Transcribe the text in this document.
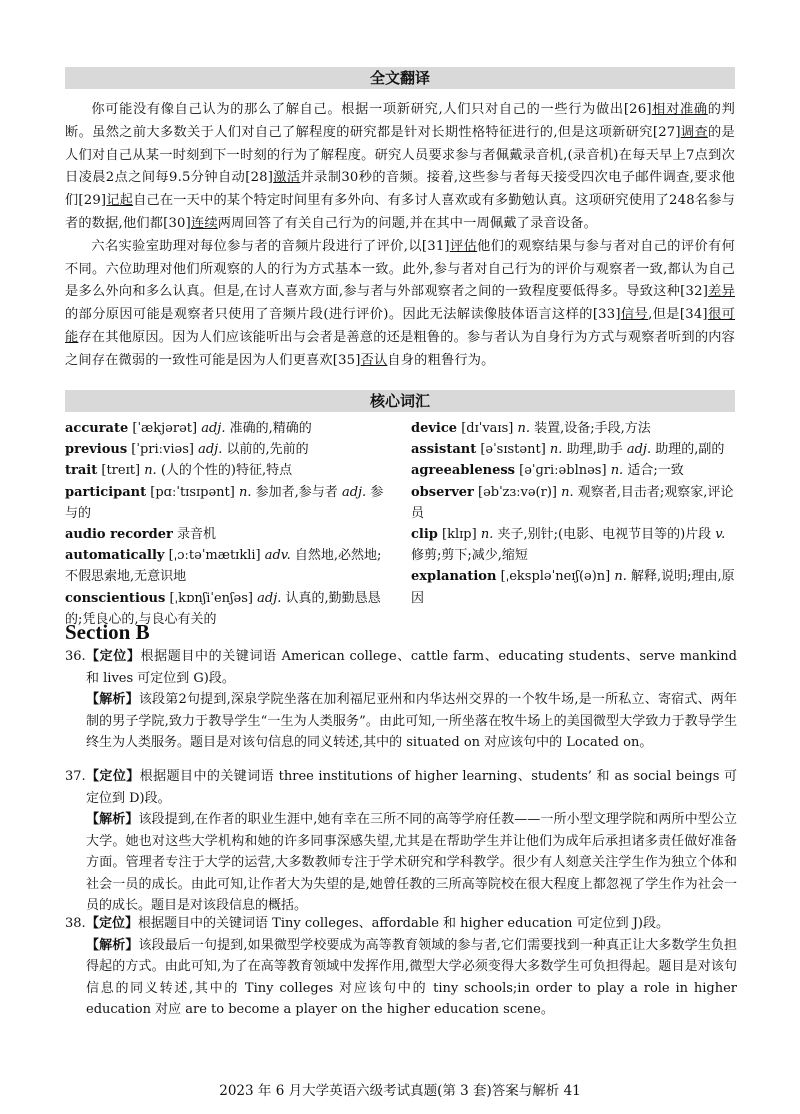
全文翻译

你可能没有像自己认为的那么了解自己。根据一项新研究,人们只对自己的一些行为做出[26]相对准确的判断。虽然之前大多数关于人们对自己了解程度的研究都是针对长期性格特征进行的,但是这项新研究[27]调查的是人们对自己从某一时刻到下一时刻的行为了解程度。研究人员要求参与者佩戴录音机,(录音机)在每天早上7点到次日凌晨2点之间每9.5分钟自动[28]激活并录制30秒的音频。接着,这些参与者每天接受四次电子邮件调查,要求他们[29]记起自己在一天中的某个特定时间里有多外向、有多讨人喜欢或有多勤勉认真。这项研究使用了248名参与者的数据,他们都[30]连续两周回答了有关自己行为的问题,并在其中一周佩戴了录音设备。

六名实验室助理对每位参与者的音频片段进行了评价,以[31]评估他们的观察结果与参与者对自己的评价有何不同。六位助理对他们所观察的人的行为方式基本一致。此外,参与者对自己行为的评价与观察者一致,都认为自己是多么外向和多么认真。但是,在讨人喜欢方面,参与者与外部观察者之间的一致程度要低得多。导致这种[32]差异的部分原因可能是观察者只使用了音频片段(进行评价)。因此无法解读像肢体语言这样的[33]信号,但是[34]很可能存在其他原因。因为人们应该能听出与会者是善意的还是粗鲁的。参与者认为自身行为方式与观察者听到的内容之间存在微弱的一致性可能是因为人们更喜欢[35]否认自身的粗鲁行为。

核心词汇
accurate [ˈækjərət] adj. 准确的,精确的
previous [ˈpriːviəs] adj. 以前的,先前的
trait [treɪt] n. (人的个性的)特征,特点
participant [pɑːˈtɪsɪpənt] n. 参加者,参与者 adj. 参与的
audio recorder 录音机
automatically [ˌɔːtəˈmætɪkli] adv. 自然地,必然地;不假思索地,无意识地
conscientious [ˌkɒnʃiˈenʃəs] adj. 认真的,勤勤恳恳的;凭良心的,与良心有关的
device [dɪˈvaɪs] n. 装置,设备;手段,方法
assistant [əˈsɪstənt] n. 助理,助手 adj. 助理的,副的
agreeableness [əˈɡriːəblnəs] n. 适合;一致
observer [əbˈzɜːvə(r)] n. 观察者,目击者;观察家,评论员
clip [klɪp] n. 夹子,别针;(电影、电视节目等的)片段 v. 修剪;剪下;减少,缩短
explanation [ˌekspləˈneɪʃ(ə)n] n. 解释,说明;理由,原因
Section B
36. 【定位】根据题目中的关键词语 American college、cattle farm、educating students、serve mankind 和 lives 可定位到 G)段。
【解析】该段第2句提到,深泉学院坐落在加利福尼亚州和内华达州交界的一个牧牛场,是一所私立、寄宿式、两年制的男子学院,致力于教导学生“一生为人类服务”。由此可知,一所坐落在牧牛场上的美国微型大学致力于教导学生终生为人类服务。题目是对该句信息的同义转述,其中的 situated on 对应该句中的 Located on。
37. 【定位】根据题目中的关键词语 three institutions of higher learning、students’ 和 as social beings 可定位到 D)段。
【解析】该段提到,在作者的职业生涯中,她有幸在三所不同的高等学府任教——一所小型文理学院和两所中型公立大学。她也对这些大学机构和她的许多同事深感失望,尤其是在帮助学生并让他们为成年后承担诸多责任做好准备方面。管理者专注于大学的运营,大多数教师专注于学术研究和学科教学。很少有人刻意关注学生作为独立个体和社会一员的成长。由此可知,让作者大为失望的是,她曾任教的三所高等院校在很大程度上都忽视了学生作为社会一员的成长。题目是对该段信息的概括。
38. 【定位】根据题目中的关键词语 Tiny colleges、affordable 和 higher education 可定位到 J)段。
【解析】该段最后一句提到,如果微型学校要成为高等教育领域的参与者,它们需要找到一种真正让大多数学生负担得起的方式。由此可知,为了在高等教育领域中发挥作用,微型大学必须变得大多数学生可负担得起。题目是对该句信息的同义转述,其中的 Tiny colleges 对应该句中的 tiny schools;in order to play a role in higher education 对应 are to become a player on the higher education scene。
2023 年 6 月大学英语六级考试真题(第 3 套)答案与解析 41
